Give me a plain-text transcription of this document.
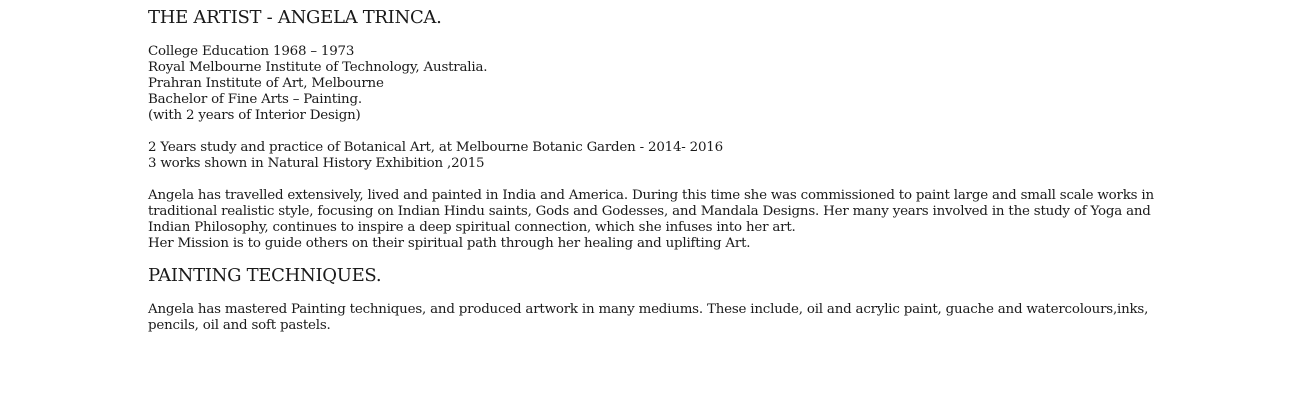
THE ARTIST - ANGELA TRINCA.

College Education 1968 – 1973

Royal Melbourne Institute of Technology, Australia.

Prahran Institute of Art, Melbourne

Bachelor of Fine Arts – Painting.

(with 2 years of Interior Design)

2 Years study and practice of Botanical Art, at Melbourne Botanic Garden - 2014- 2016

3 works shown in Natural History Exhibition ,2015

Angela has travelled extensively, lived and painted in India and America. During this time she was commissioned to paint large and small scale works in traditional realistic style, focusing on Indian Hindu saints, Gods and Godesses, and Mandala Designs. Her many years involved in the study of Yoga and Indian Philosophy, continues to inspire a deep spiritual connection, which she infuses into her art.

Her Mission is to guide others on their spiritual path through her healing and uplifting Art.

PAINTING TECHNIQUES.

Angela has mastered Painting techniques, and produced artwork in many mediums. These include, oil and acrylic paint, guache and watercolours,inks, pencils, oil and soft pastels.
